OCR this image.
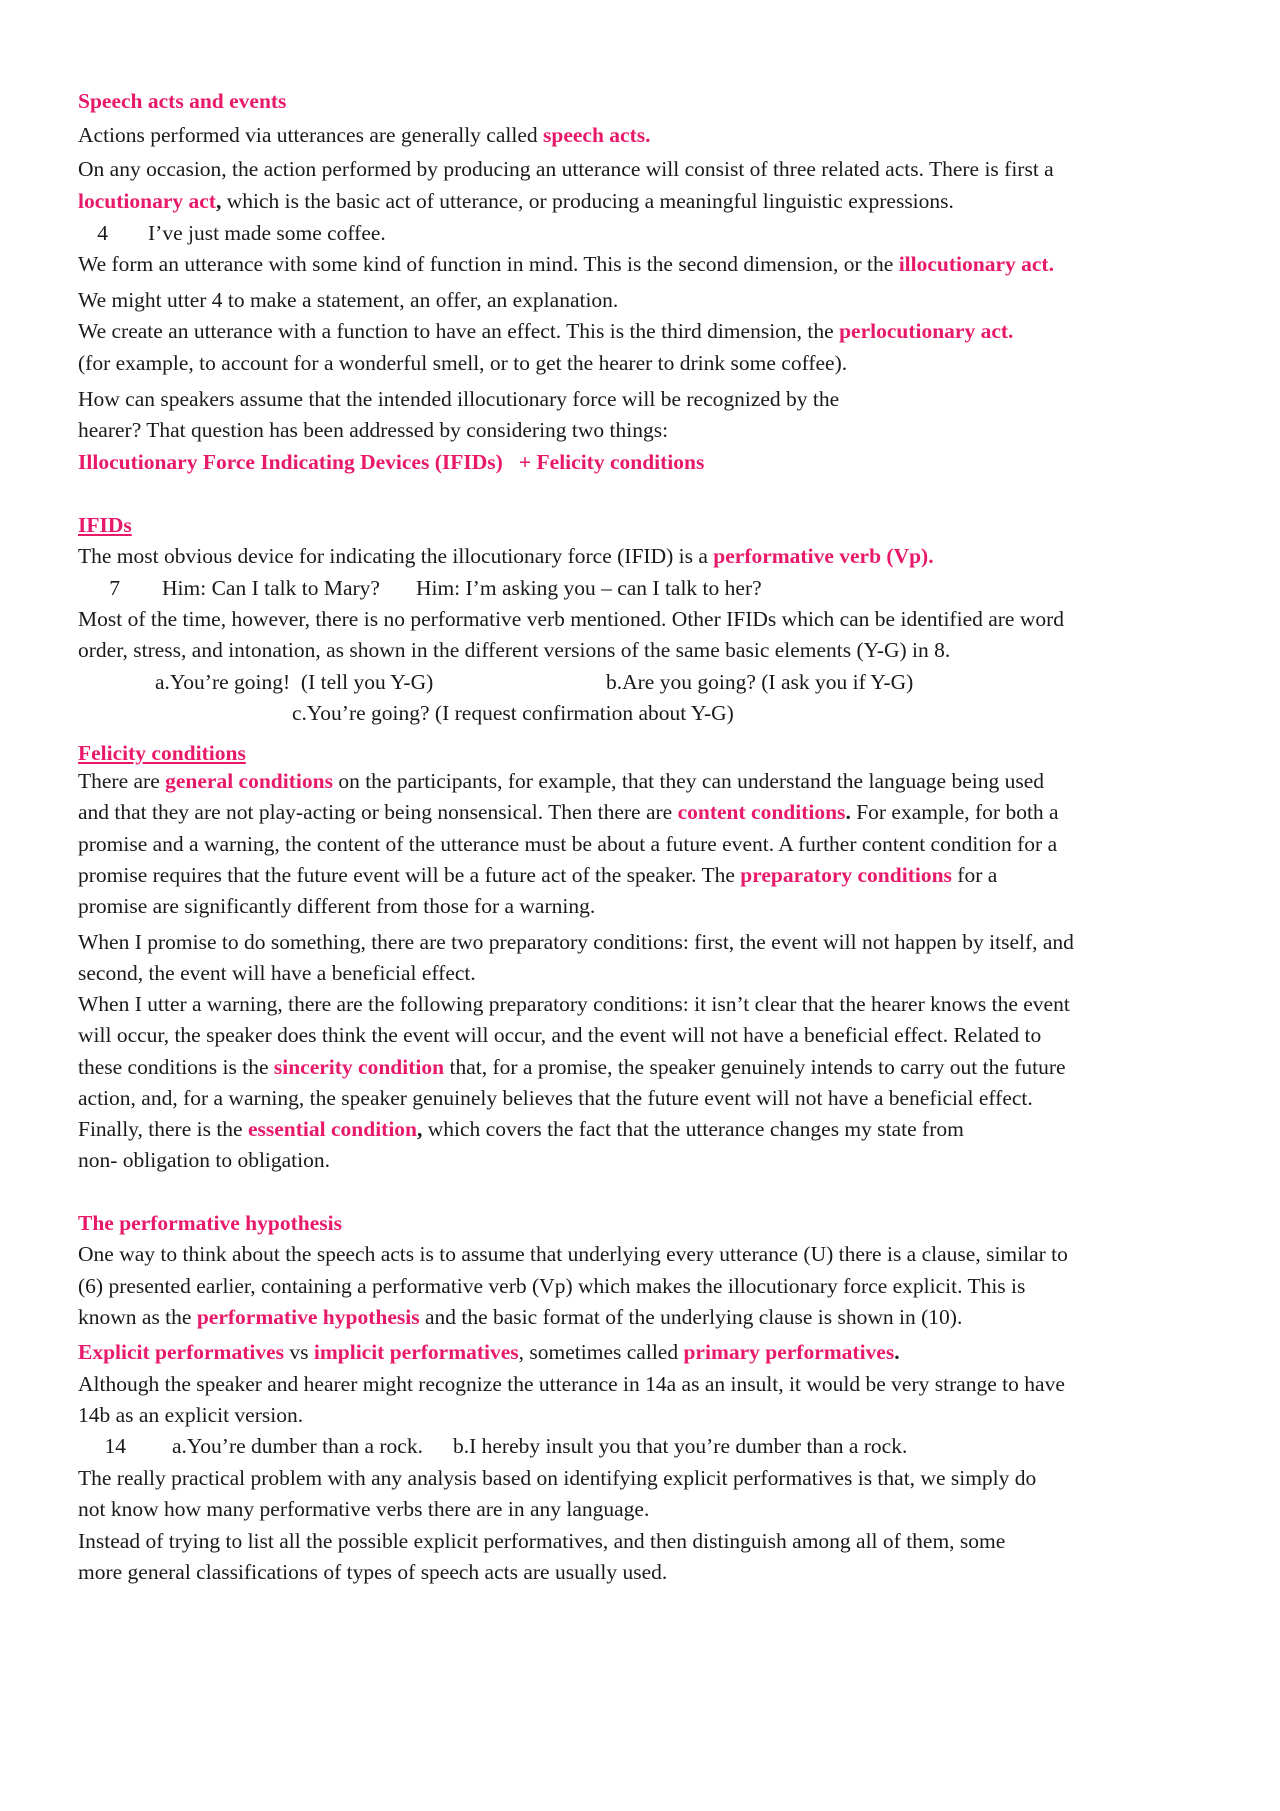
Speech acts and events
Actions performed via utterances are generally called speech acts.
On any occasion, the action performed by producing an utterance will consist of three related acts. There is first a
locutionary act, which is the basic act of utterance, or producing a meaningful linguistic expressions.
4 I’ve just made some coffee.
We form an utterance with some kind of function in mind. This is the second dimension, or the illocutionary act.
We might utter 4 to make a statement, an offer, an explanation.
We create an utterance with a function to have an effect. This is the third dimension, the perlocutionary act.
(for example, to account for a wonderful smell, or to get the hearer to drink some coffee).
How can speakers assume that the intended illocutionary force will be recognized by the
hearer? That question has been addressed by considering two things:
Illocutionary Force Indicating Devices (IFIDs)   + Felicity conditions
IFIDs
The most obvious device for indicating the illocutionary force (IFID) is a performative verb (Vp).
7 Him: Can I talk to Mary? Him: I’m asking you – can I talk to her?
Most of the time, however, there is no performative verb mentioned. Other IFIDs which can be identified are word
order, stress, and intonation, as shown in the different versions of the same basic elements (Y-G) in 8.
a.You’re going!  (I tell you Y-G)	b.Are you going? (I ask you if Y-G)
c.You’re going? (I request confirmation about Y-G)
Felicity conditions
There are general conditions on the participants, for example, that they can understand the language being used
and that they are not play-acting or being nonsensical. Then there are content conditions. For example, for both a
promise and a warning, the content of the utterance must be about a future event. A further content condition for a
promise requires that the future event will be a future act of the speaker. The preparatory conditions for a
promise are significantly different from those for a warning.
When I promise to do something, there are two preparatory conditions: first, the event will not happen by itself, and
second, the event will have a beneficial effect.
When I utter a warning, there are the following preparatory conditions: it isn’t clear that the hearer knows the event
will occur, the speaker does think the event will occur, and the event will not have a beneficial effect. Related to
these conditions is the sincerity condition that, for a promise, the speaker genuinely intends to carry out the future
action, and, for a warning, the speaker genuinely believes that the future event will not have a beneficial effect.
Finally, there is the essential condition, which covers the fact that the utterance changes my state from
non- obligation to obligation.
The performative hypothesis
One way to think about the speech acts is to assume that underlying every utterance (U) there is a clause, similar to
(6) presented earlier, containing a performative verb (Vp) which makes the illocutionary force explicit. This is
known as the performative hypothesis and the basic format of the underlying clause is shown in (10).
Explicit performatives vs implicit performatives, sometimes called primary performatives.
Although the speaker and hearer might recognize the utterance in 14a as an insult, it would be very strange to have
14b as an explicit version.
14 a.You’re dumber than a rock. b.I hereby insult you that you’re dumber than a rock.
The really practical problem with any analysis based on identifying explicit performatives is that, we simply do
not know how many performative verbs there are in any language.
Instead of trying to list all the possible explicit performatives, and then distinguish among all of them, some
more general classifications of types of speech acts are usually used.
